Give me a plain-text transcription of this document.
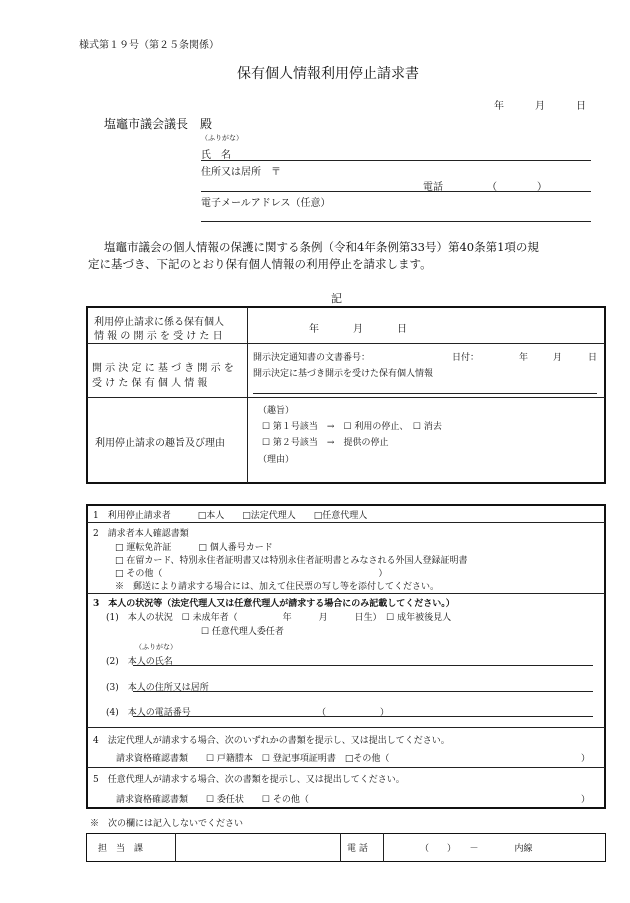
様式第１９号（第２５条関係）
保有個人情報利用停止請求書
年	月	日
塩竈市議会議長　殿
（ふりがな）
氏　名
住所又は居所　〒
電話	（　　　　）
電子メールアドレス（任意）
塩竈市議会の個人情報の保護に関する条例（令和4年条例第33号）第40条第1項の規
定に基づき、下記のとおり保有個人情報の利用停止を請求します。
記
利用停止請求に係る保有個人
情 報 の 開 示 を 受 け た 日
年	月	日
開 示 決 定 に 基 づ き 開 示 を
受 け た 保 有 個 人 情 報
開示決定通知書の文書番号：	日付：	年	月	日
開示決定に基づき開示を受けた保有個人情報
利用停止請求の趣旨及び理由
（趣旨）
☐ 第１号該当　→　☐ 利用の停止、　☐ 消去
☐ 第２号該当　→　提供の停止
（理由）
1　利用停止請求者　　　□本人　　□法定代理人　　□任意代理人
2　請求者本人確認書類
□ 運転免許証　　　□ 個人番号カード
□ 在留カード、特別永住者証明書又は特別永住者証明書とみなされる外国人登録証明書
□ その他（　　　　　　　　　　　　　　　　　　　　　　　　）
※　郵送により請求する場合には、加えて住民票の写し等を添付してください。
3　本人の状況等（法定代理人又は任意代理人が請求する場合にのみ記載してください。）
(1)　本人の状況　☐ 未成年者（　　　　　年　　　月　　　日生）　☐ 成年被後見人
☐ 任意代理人委任者
（ふりがな）
(2)　本人の氏名
(3)　本人の住所又は居所
(4)　本人の電話番号	（　　　　　　）
4　法定代理人が請求する場合、次のいずれかの書類を提示し、又は提出してください。
請求資格確認書類　　☐ 戸籍謄本　☐ 登記事項証明書　□その他（	）
5　任意代理人が請求する場合、次の書類を提示し、又は提出してください。
請求資格確認書類　　☐ 委任状　　☐ その他（	）
※　次の欄には記入しないでください
担　当　課	電 話	（　　）　　－　　　　内線
